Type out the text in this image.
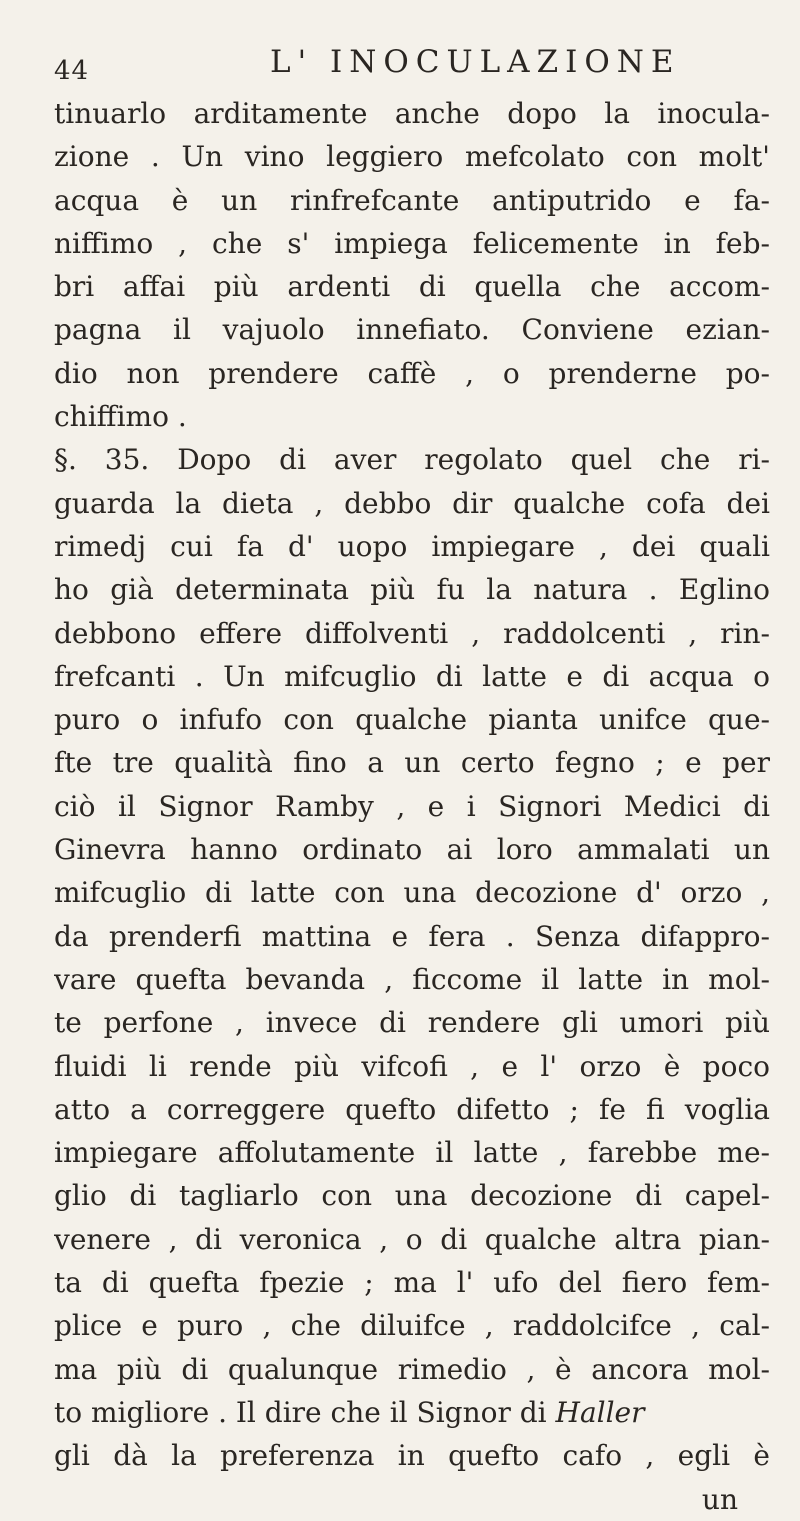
44	L' INOCULAZIONE
tinuarlo arditamente anche dopo la inocula-
zione . Un vino leggiero mefcolato con molt'
acqua è un rinfrefcante antiputrido e fa-
niffimo , che s' impiega felicemente in feb-
bri affai più ardenti di quella che accom-
pagna il vajuolo innefiato. Conviene ezian-
dio non prendere caffè , o prenderne po-
chiffimo .
§. 35. Dopo di aver regolato quel che ri-
guarda la dieta , debbo dir qualche cofa dei
rimedj cui fa d' uopo impiegare , dei quali
ho già determinata più fu la natura . Eglino
debbono effere diffolventi , raddolcenti , rin-
frefcanti . Un mifcuglio di latte e di acqua o
puro o infufo con qualche pianta unifce que-
fte tre qualità fino a un certo fegno ; e per
ciò il Signor Ramby , e i Signori Medici di
Ginevra hanno ordinato ai loro ammalati un
mifcuglio di latte con una decozione d' orzo ,
da prenderfi mattina e fera . Senza difappro-
vare quefta bevanda , ficcome il latte in mol-
te perfone , invece di rendere gli umori più
fluidi li rende più vifcofi , e l' orzo è poco
atto a correggere quefto difetto ; fe fi voglia
impiegare affolutamente il latte , farebbe me-
glio di tagliarlo con una decozione di capel-
venere , di veronica , o di qualche altra pian-
ta di quefta fpezie ; ma l' ufo del fiero fem-
plice e puro , che diluifce , raddolcifce , cal-
ma più di qualunque rimedio , è ancora mol-
to migliore . Il dire che il Signor di Haller
gli dà la preferenza in quefto cafo , egli è
un
